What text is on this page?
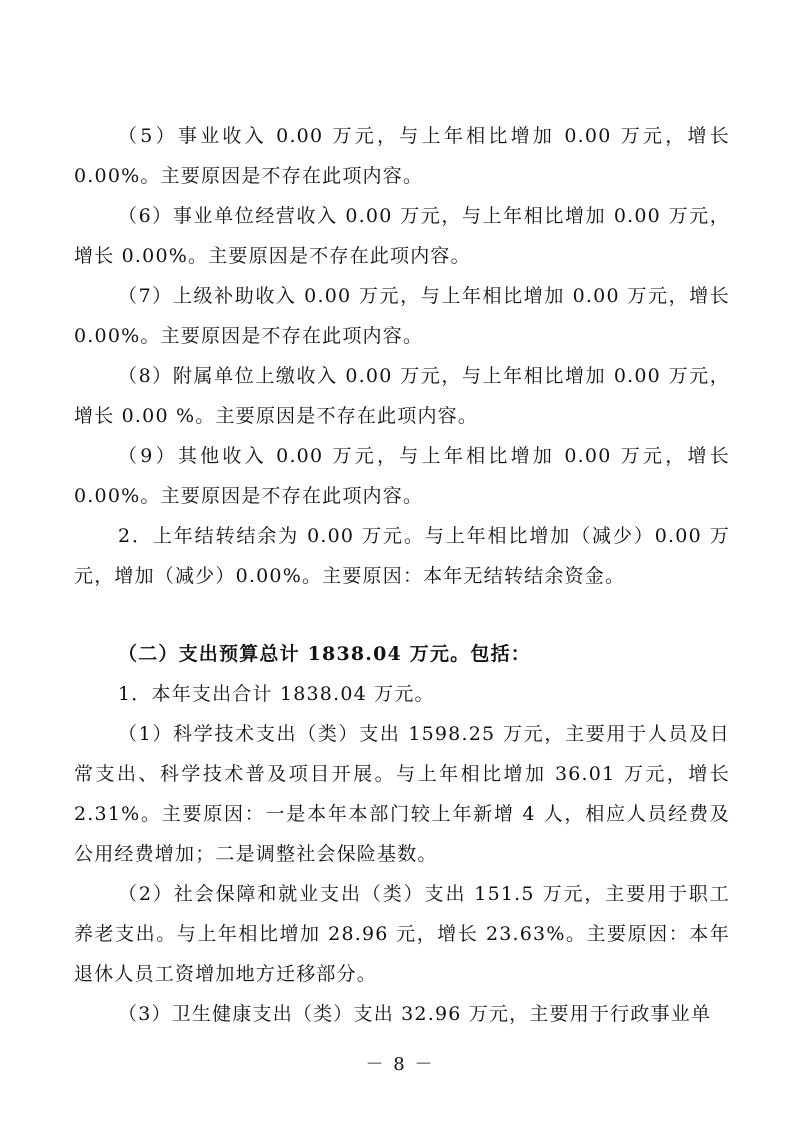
（5）事业收入 0.00 万元，与上年相比增加 0.00 万元，增长 0.00%。主要原因是不存在此项内容。

（6）事业单位经营收入 0.00 万元，与上年相比增加 0.00 万元，增长 0.00%。主要原因是不存在此项内容。

（7）上级补助收入 0.00 万元，与上年相比增加 0.00 万元，增长 0.00%。主要原因是不存在此项内容。

（8）附属单位上缴收入 0.00 万元，与上年相比增加 0.00 万元，增长 0.00 %。主要原因是不存在此项内容。

（9）其他收入 0.00 万元，与上年相比增加 0.00 万元，增长 0.00%。主要原因是不存在此项内容。

2．上年结转结余为 0.00 万元。与上年相比增加（减少）0.00 万元，增加（减少）0.00%。主要原因：本年无结转结余资金。

（二）支出预算总计 1838.04 万元。包括：

1．本年支出合计 1838.04 万元。

（1）科学技术支出（类）支出 1598.25 万元，主要用于人员及日常支出、科学技术普及项目开展。与上年相比增加 36.01 万元，增长 2.31%。主要原因：一是本年本部门较上年新增 4 人，相应人员经费及公用经费增加；二是调整社会保险基数。

（2）社会保障和就业支出（类）支出 151.5 万元，主要用于职工养老支出。与上年相比增加 28.96 元，增长 23.63%。主要原因：本年退休人员工资增加地方迁移部分。

（3）卫生健康支出（类）支出 32.96 万元，主要用于行政事业单

－ 8 －
